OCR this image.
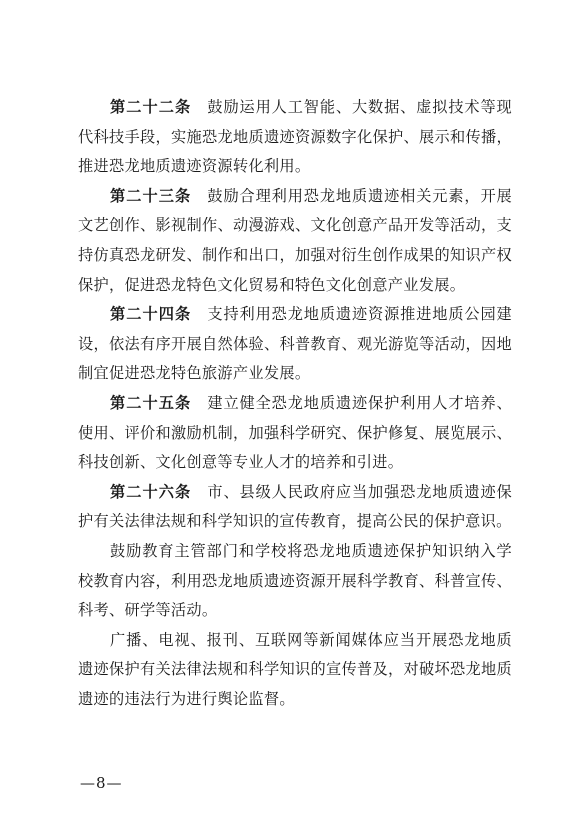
第二十二条　鼓励运用人工智能、大数据、虚拟技术等现代科技手段，实施恐龙地质遗迹资源数字化保护、展示和传播，推进恐龙地质遗迹资源转化利用。

第二十三条　鼓励合理利用恐龙地质遗迹相关元素，开展文艺创作、影视制作、动漫游戏、文化创意产品开发等活动，支持仿真恐龙研发、制作和出口，加强对衍生创作成果的知识产权保护，促进恐龙特色文化贸易和特色文化创意产业发展。

第二十四条　支持利用恐龙地质遗迹资源推进地质公园建设，依法有序开展自然体验、科普教育、观光游览等活动，因地制宜促进恐龙特色旅游产业发展。

第二十五条　建立健全恐龙地质遗迹保护利用人才培养、使用、评价和激励机制，加强科学研究、保护修复、展览展示、科技创新、文化创意等专业人才的培养和引进。

第二十六条　市、县级人民政府应当加强恐龙地质遗迹保护有关法律法规和科学知识的宣传教育，提高公民的保护意识。

鼓励教育主管部门和学校将恐龙地质遗迹保护知识纳入学校教育内容，利用恐龙地质遗迹资源开展科学教育、科普宣传、科考、研学等活动。

广播、电视、报刊、互联网等新闻媒体应当开展恐龙地质遗迹保护有关法律法规和科学知识的宣传普及，对破坏恐龙地质遗迹的违法行为进行舆论监督。

—8—
